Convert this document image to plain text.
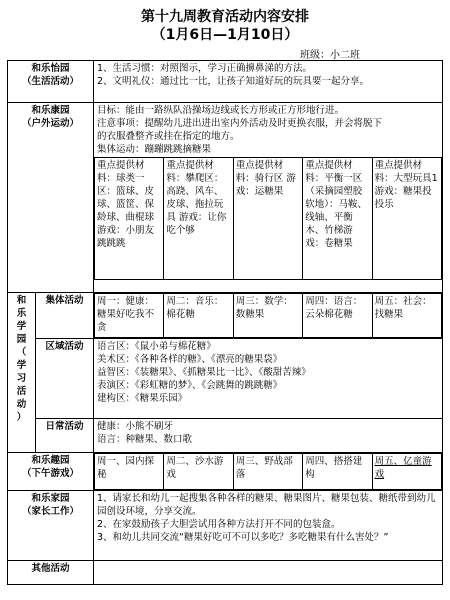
第十九周教育活动内容安排
（1月6日—1月10日）
班级：小二班
和乐怡园
（生活活动）

1、生活习惯：对照图示，学习正确擤鼻涕的方法。
2、文明礼仪：通过比一比，让孩子知道好玩的玩具要一起分享。

和乐康园
（户外运动）

目标：能由一路纵队沿操场边线或长方形或正方形地行进。
注意事项：提醒幼儿进出进出室内外活动及时更换衣服，并会将脱下
的衣服叠整齐或挂在指定的地方。
集体运动：蹦蹦跳跳摘糖果
重点提供材料：球类一区：篮球、皮球、篮筐、保龄球、曲棍球 游戏：小朋友跳跳跳	重点提供材料：攀爬区：高跷、风车、皮球、拖拉玩具 游戏：让你吃个够	重点提供材料：骑行区 游戏：运糖果	重点提供材料：平衡一区（采摘园塑胶软地）：马鞍、线轴、平衡木、竹梯游戏：卷糖果	重点提供材料：大型玩具1 游戏：糖果投投乐

和
乐
学
园
（
学
习
活
动
）
	集体活动	周一：健康：糖果好吃我不贪	周二：音乐：棉花糖	周三：数学：数糖果	周四：语言：云朵棉花糖	周五：社会：找糖果

区域活动	语言区：《鼠小弟与棉花糖》
美术区：《各种各样的糖》、《漂亮的糖果袋》
益智区：《装糖果》、《抓糖果比一比》、《酸甜苦辣》
表演区：《彩虹糖的梦》、《会跳舞的跳跳糖》
建构区：《糖果乐园》

日常活动	健康：小熊不刷牙
语言：种糖果、数口歌

和乐趣园
（下午游戏）

周一、园内探秘	周二、沙水游戏	周三、野战部落	周四、搭搭建构	周五、亿童游戏

和乐家园
（家长工作）

1、请家长和幼儿一起搜集各种各样的糖果、糖果图片、糖果包装、糖纸带到幼儿园创设环境，分享交流。
2、在家鼓励孩子大胆尝试用各种方法打开不同的包装盒。
3、和幼儿共同交流“糖果好吃可不可以多吃？多吃糖果有什么害处？”

其他活动	
